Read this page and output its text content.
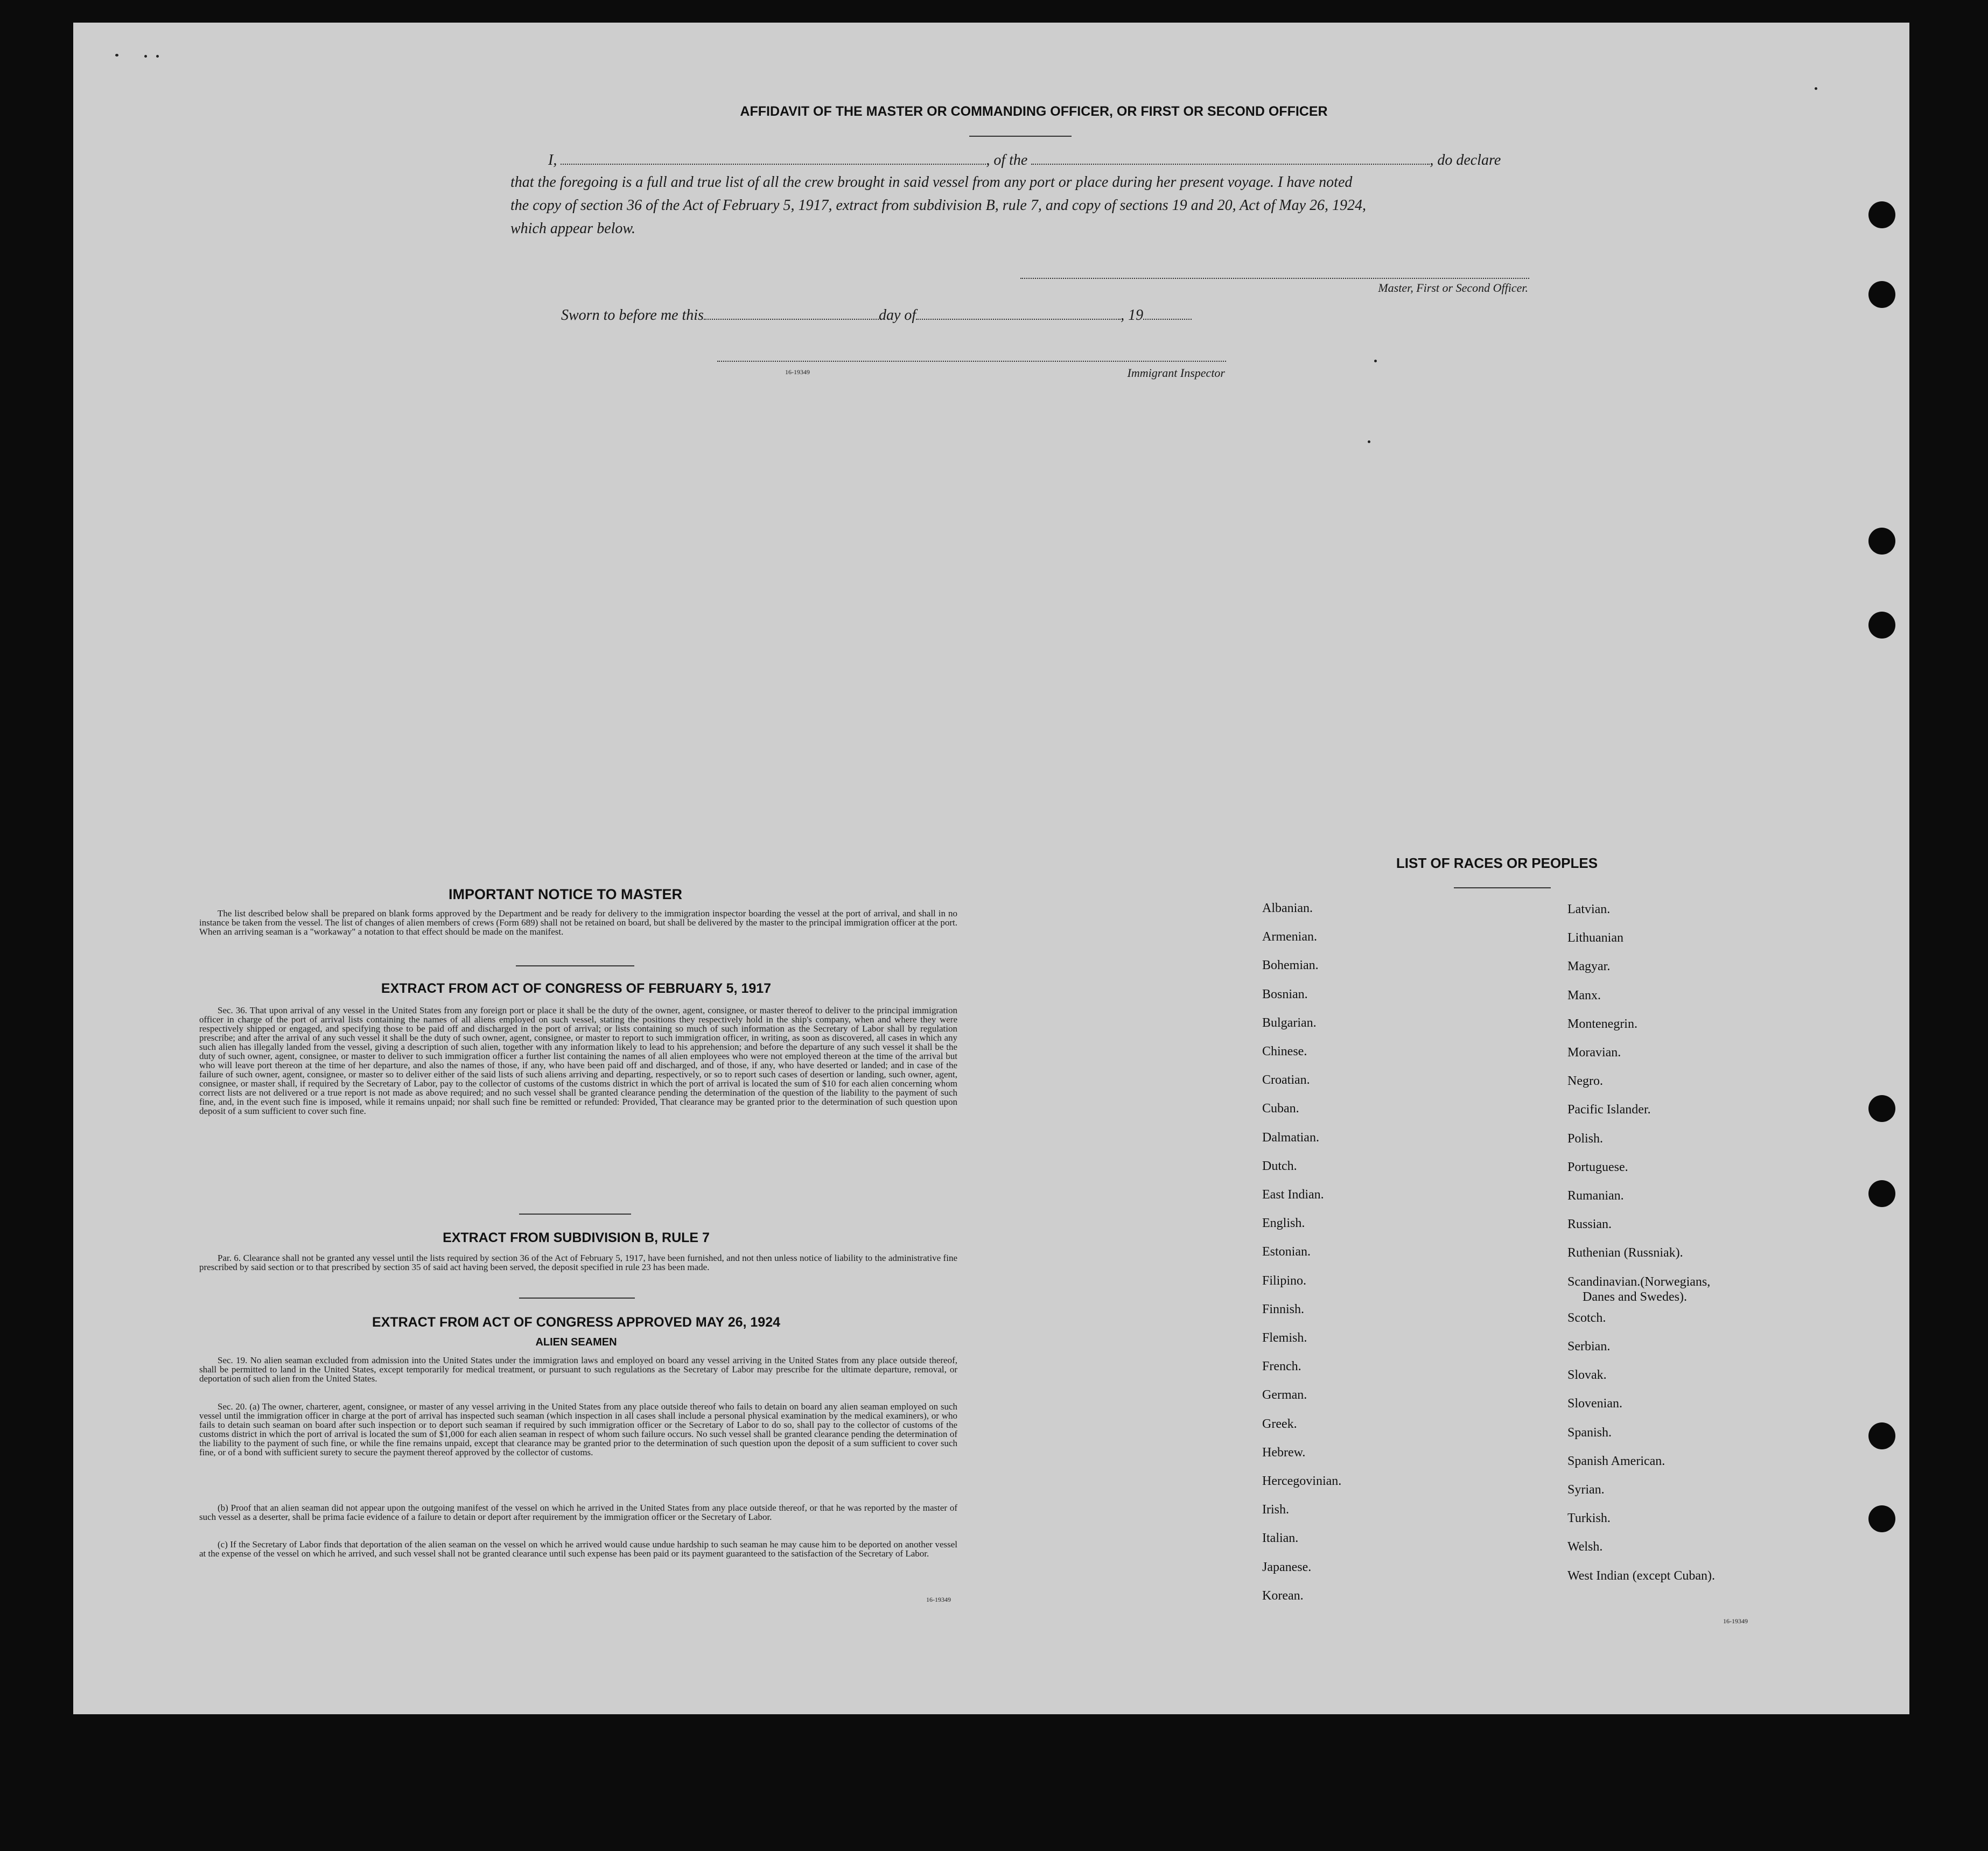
AFFIDAVIT OF THE MASTER OR COMMANDING OFFICER, OR FIRST OR SECOND OFFICER
I,	, of the	, do declare
that the foregoing is a full and true list of all the crew brought in said vessel from any port or place during her present voyage. I have noted
the copy of section 36 of the Act of February 5, 1917, extract from subdivision B, rule 7, and copy of sections 19 and 20, Act of May 26, 1924,
which appear below.
Master, First or Second Officer.
Sworn to before me this	day of	, 19
16-19349	Immigrant Inspector
IMPORTANT NOTICE TO MASTER
The list described below shall be prepared on blank forms approved by the Department and be ready for delivery to the immigration inspector boarding the vessel at the port of arrival, and shall in no instance be taken from the vessel. The list of changes of alien members of crews (Form 689) shall not be retained on board, but shall be delivered by the master to the principal immigration officer at the port. When an arriving seaman is a "workaway" a notation to that effect should be made on the manifest.
EXTRACT FROM ACT OF CONGRESS OF FEBRUARY 5, 1917
Sec. 36. That upon arrival of any vessel in the United States from any foreign port or place it shall be the duty of the owner, agent, consignee, or master thereof to deliver to the principal immigration officer in charge of the port of arrival lists containing the names of all aliens employed on such vessel, stating the positions they respectively hold in the ship's company, when and where they were respectively shipped or engaged, and specifying those to be paid off and discharged in the port of arrival; or lists containing so much of such information as the Secretary of Labor shall by regulation prescribe; and after the arrival of any such vessel it shall be the duty of such owner, agent, consignee, or master to report to such immigration officer, in writing, as soon as discovered, all cases in which any such alien has illegally landed from the vessel, giving a description of such alien, together with any information likely to lead to his apprehension; and before the departure of any such vessel it shall be the duty of such owner, agent, consignee, or master to deliver to such immigration officer a further list containing the names of all alien employees who were not employed thereon at the time of the arrival but who will leave port thereon at the time of her departure, and also the names of those, if any, who have been paid off and discharged, and of those, if any, who have deserted or landed; and in case of the failure of such owner, agent, consignee, or master so to deliver either of the said lists of such aliens arriving and departing, respectively, or so to report such cases of desertion or landing, such owner, agent, consignee, or master shall, if required by the Secretary of Labor, pay to the collector of customs of the customs district in which the port of arrival is located the sum of $10 for each alien concerning whom correct lists are not delivered or a true report is not made as above required; and no such vessel shall be granted clearance pending the determination of the question of the liability to the payment of such fine, and, in the event such fine is imposed, while it remains unpaid; nor shall such fine be remitted or refunded: Provided, That clearance may be granted prior to the determination of such question upon deposit of a sum sufficient to cover such fine.
EXTRACT FROM SUBDIVISION B, RULE 7
Par. 6. Clearance shall not be granted any vessel until the lists required by section 36 of the Act of February 5, 1917, have been furnished, and not then unless notice of liability to the administrative fine prescribed by said section or to that prescribed by section 35 of said act having been served, the deposit specified in rule 23 has been made.
EXTRACT FROM ACT OF CONGRESS APPROVED MAY 26, 1924
ALIEN SEAMEN
Sec. 19. No alien seaman excluded from admission into the United States under the immigration laws and employed on board any vessel arriving in the United States from any place outside thereof, shall be permitted to land in the United States, except temporarily for medical treatment, or pursuant to such regulations as the Secretary of Labor may prescribe for the ultimate departure, removal, or deportation of such alien from the United States.
Sec. 20. (a) The owner, charterer, agent, consignee, or master of any vessel arriving in the United States from any place outside thereof who fails to detain on board any alien seaman employed on such vessel until the immigration officer in charge at the port of arrival has inspected such seaman (which inspection in all cases shall include a personal physical examination by the medical examiners), or who fails to detain such seaman on board after such inspection or to deport such seaman if required by such immigration officer or the Secretary of Labor to do so, shall pay to the collector of customs of the customs district in which the port of arrival is located the sum of $1,000 for each alien seaman in respect of whom such failure occurs. No such vessel shall be granted clearance pending the determination of the liability to the payment of such fine, or while the fine remains unpaid, except that clearance may be granted prior to the determination of such question upon the deposit of a sum sufficient to cover such fine, or of a bond with sufficient surety to secure the payment thereof approved by the collector of customs.
(b) Proof that an alien seaman did not appear upon the outgoing manifest of the vessel on which he arrived in the United States from any place outside thereof, or that he was reported by the master of such vessel as a deserter, shall be prima facie evidence of a failure to detain or deport after requirement by the immigration officer or the Secretary of Labor.
(c) If the Secretary of Labor finds that deportation of the alien seaman on the vessel on which he arrived would cause undue hardship to such seaman he may cause him to be deported on another vessel at the expense of the vessel on which he arrived, and such vessel shall not be granted clearance until such expense has been paid or its payment guaranteed to the satisfaction of the Secretary of Labor.
16-19349
LIST OF RACES OR PEOPLES
Albanian.
Armenian.
Bohemian.
Bosnian.
Bulgarian.
Chinese.
Croatian.
Cuban.
Dalmatian.
Dutch.
East Indian.
English.
Estonian.
Filipino.
Finnish.
Flemish.
French.
German.
Greek.
Hebrew.
Hercegovinian.
Irish.
Italian.
Japanese.
Korean.
Latvian.
Lithuanian
Magyar.
Manx.
Montenegrin.
Moravian.
Negro.
Pacific Islander.
Polish.
Portuguese.
Rumanian.
Russian.
Ruthenian (Russniak).
Scandinavian.(Norwegians,
Danes and Swedes).
Scotch.
Serbian.
Slovak.
Slovenian.
Spanish.
Spanish American.
Syrian.
Turkish.
Welsh.
West Indian (except Cuban).
16-19349
